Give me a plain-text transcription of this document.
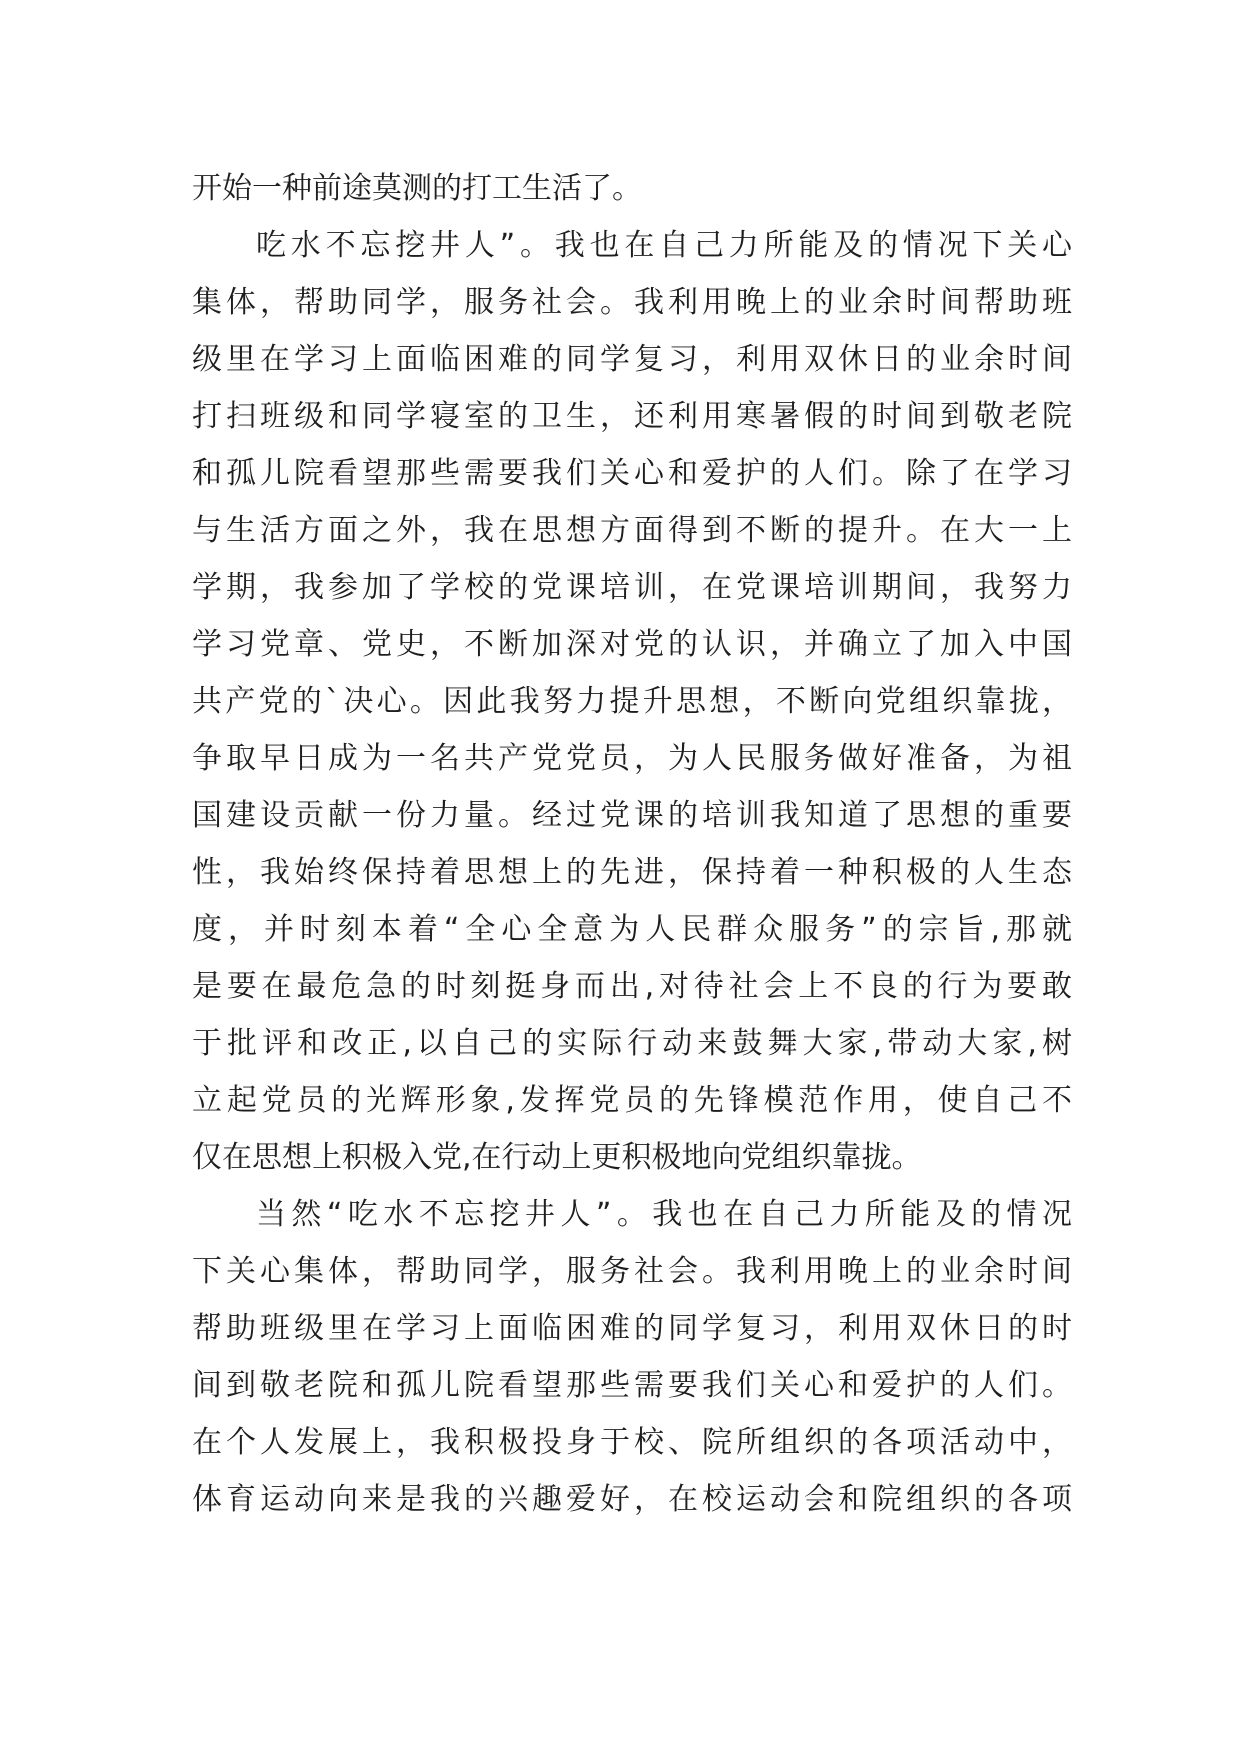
开始一种前途莫测的打工生活了。
吃水不忘挖井人”。我也在自己力所能及的情况下关心
集体，帮助同学，服务社会。我利用晚上的业余时间帮助班
级里在学习上面临困难的同学复习，利用双休日的业余时间
打扫班级和同学寝室的卫生，还利用寒暑假的时间到敬老院
和孤儿院看望那些需要我们关心和爱护的人们。除了在学习
与生活方面之外，我在思想方面得到不断的提升。在大一上
学期，我参加了学校的党课培训，在党课培训期间，我努力
学习党章、党史，不断加深对党的认识，并确立了加入中国
共产党的`决心。因此我努力提升思想，不断向党组织靠拢，
争取早日成为一名共产党党员，为人民服务做好准备，为祖
国建设贡献一份力量。经过党课的培训我知道了思想的重要
性，我始终保持着思想上的先进，保持着一种积极的人生态
度，并时刻本着“全心全意为人民群众服务”的宗旨,那就
是要在最危急的时刻挺身而出,对待社会上不良的行为要敢
于批评和改正,以自己的实际行动来鼓舞大家,带动大家,树
立起党员的光辉形象,发挥党员的先锋模范作用，使自己不
仅在思想上积极入党,在行动上更积极地向党组织靠拢。
当然“吃水不忘挖井人”。我也在自己力所能及的情况
下关心集体，帮助同学，服务社会。我利用晚上的业余时间
帮助班级里在学习上面临困难的同学复习，利用双休日的时
间到敬老院和孤儿院看望那些需要我们关心和爱护的人们。
在个人发展上，我积极投身于校、院所组织的各项活动中，
体育运动向来是我的兴趣爱好，在校运动会和院组织的各项
